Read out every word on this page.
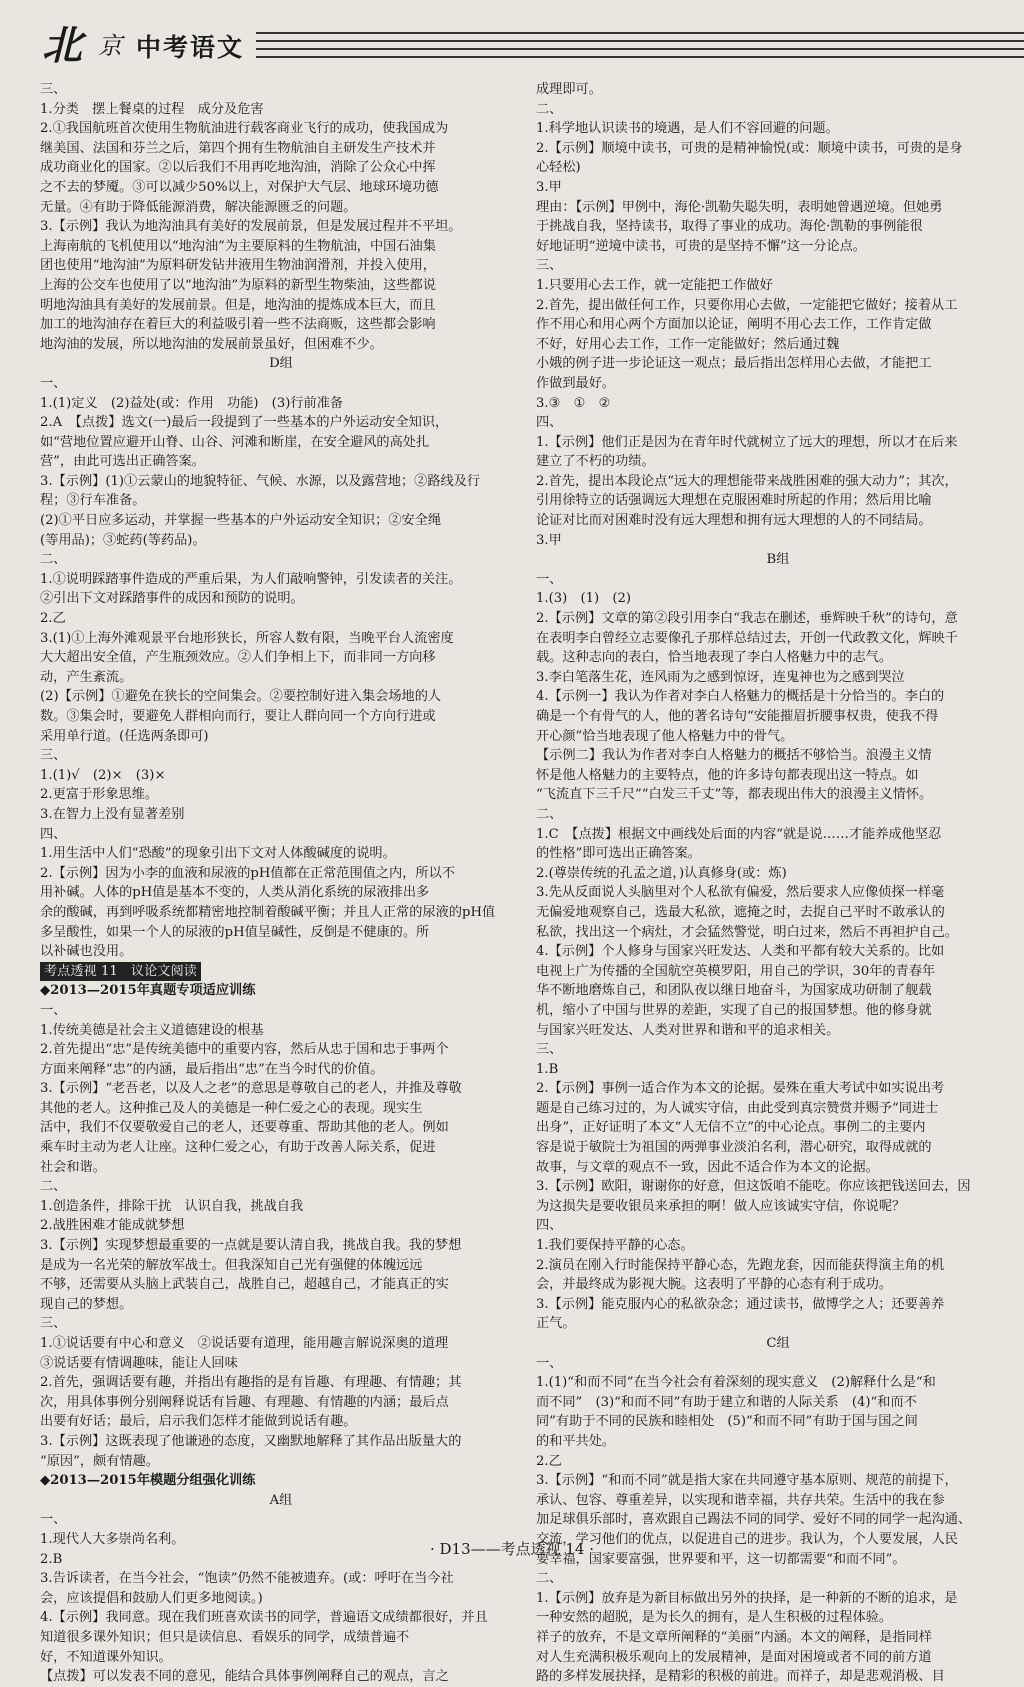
北 京 中考语文
三、
1.分类　摆上餐桌的过程　成分及危害
2.①我国航班首次使用生物航油进行载客商业飞行的成功，使我国成为
继美国、法国和芬兰之后，第四个拥有生物航油自主研发生产技术并
成功商业化的国家。②以后我们不用再吃地沟油，消除了公众心中挥
之不去的梦魇。③可以减少50%以上，对保护大气层、地球环境功德
无量。④有助于降低能源消费，解决能源匮乏的问题。
3.【示例】我认为地沟油具有美好的发展前景，但是发展过程并不平坦。
上海南航的飞机使用以“地沟油”为主要原料的生物航油，中国石油集
团也使用“地沟油”为原料研发钻井液用生物油润滑剂，并投入使用，
上海的公交车也使用了以“地沟油”为原料的新型生物柴油，这些都说
明地沟油具有美好的发展前景。但是，地沟油的提炼成本巨大，而且
加工的地沟油存在着巨大的利益吸引着一些不法商贩，这些都会影响
地沟油的发展，所以地沟油的发展前景虽好，但困难不少。
D组
一、
1.(1)定义　(2)益处(或：作用　功能)　(3)行前准备
2.A　【点拨】选文(一)最后一段提到了一些基本的户外运动安全知识，
如“营地位置应避开山脊、山谷、河滩和断崖，在安全避风的高处扎
营”，由此可选出正确答案。
3.【示例】(1)①云蒙山的地貌特征、气候、水源，以及露营地；②路线及行
程；③行车准备。
(2)①平日应多运动，并掌握一些基本的户外运动安全知识；②安全绳
(等用品)；③蛇药(等药品)。
二、
1.①说明踩踏事件造成的严重后果，为人们敲响警钟，引发读者的关注。
②引出下文对踩踏事件的成因和预防的说明。
2.乙
3.(1)①上海外滩观景平台地形狭长，所容人数有限，当晚平台人流密度
大大超出安全值，产生瓶颈效应。②人们争相上下，而非同一方向移
动，产生紊流。
(2)【示例】①避免在狭长的空间集会。②要控制好进入集会场地的人
数。③集会时，要避免人群相向而行，要让人群向同一个方向行进或
采用单行道。(任选两条即可)
三、
1.(1)√　(2)×　(3)×
2.更富于形象思维。
3.在智力上没有显著差别
四、
1.用生活中人们“恐酸”的现象引出下文对人体酸碱度的说明。
2.【示例】因为小李的血液和尿液的pH值都在正常范围值之内，所以不
用补碱。人体的pH值是基本不变的，人类从消化系统的尿液排出多
余的酸碱，再到呼吸系统都精密地控制着酸碱平衡；并且人正常的尿液的pH值
多呈酸性，如果一个人的尿液的pH值呈碱性，反倒是不健康的。所
以补碱也没用。
考点透视 11　议论文阅读
◆2013—2015年真题专项适应训练
一、
1.传统美德是社会主义道德建设的根基
2.首先提出“忠”是传统美德中的重要内容，然后从忠于国和忠于事两个
方面来阐释“忠”的内涵，最后指出“忠”在当今时代的价值。
3.【示例】“老吾老，以及人之老”的意思是尊敬自己的老人，并推及尊敬
其他的老人。这种推己及人的美德是一种仁爱之心的表现。现实生
活中，我们不仅要敬爱自己的老人，还要尊重、帮助其他的老人。例如
乘车时主动为老人让座。这种仁爱之心，有助于改善人际关系，促进
社会和谐。
二、
1.创造条件，排除干扰　认识自我，挑战自我
2.战胜困难才能成就梦想
3.【示例】实现梦想最重要的一点就是要认清自我，挑战自我。我的梦想
是成为一名光荣的解放军战士。但我深知自己光有强健的体魄远远
不够，还需要从头脑上武装自己，战胜自己，超越自己，才能真正的实
现自己的梦想。
三、
1.①说话要有中心和意义　②说话要有道理，能用趣言解说深奥的道理
③说话要有情调趣味，能让人回味
2.首先，强调话要有趣，并指出有趣指的是有旨趣、有理趣、有情趣；其
次，用具体事例分别阐释说话有旨趣、有理趣、有情趣的内涵；最后点
出要有好话；最后，启示我们怎样才能做到说话有趣。
3.【示例】这既表现了他谦逊的态度，又幽默地解释了其作品出版量大的
“原因”，颇有情趣。
◆2013—2015年模题分组强化训练
A组
一、
1.现代人大多崇尚名利。
2.B
3.告诉读者，在当今社会，“饱读”仍然不能被遗弃。(或：呼吁在当今社
会，应该提倡和鼓励人们更多地阅读。)
4.【示例】我同意。现在我们班喜欢读书的同学，普遍语文成绩都很好，并且
知道很多课外知识；但只是读信息、看娱乐的同学，成绩普遍不
好，不知道课外知识。
【点拨】可以发表不同的意见，能结合具体事例阐释自己的观点，言之
成理即可。
二、
1.科学地认识读书的境遇，是人们不容回避的问题。
2.【示例】顺境中读书，可贵的是精神愉悦(或：顺境中读书，可贵的是身
心轻松)
3.甲
理由：【示例】甲例中，海伦·凯勒失聪失明，表明她曾遇逆境。但她勇
于挑战自我，坚持读书，取得了事业的成功。海伦·凯勒的事例能很
好地证明“逆境中读书，可贵的是坚持不懈”这一分论点。
三、
1.只要用心去工作，就一定能把工作做好
2.首先，提出做任何工作，只要你用心去做，一定能把它做好；接着从工
作不用心和用心两个方面加以论证，阐明不用心去工作，工作肯定做
不好，好用心去工作，工作一定能做好；然后通过魏
小娥的例子进一步论证这一观点；最后指出怎样用心去做，才能把工
作做到最好。
3.③　①　②
四、
1.【示例】他们正是因为在青年时代就树立了远大的理想，所以才在后来
建立了不朽的功绩。
2.首先，提出本段论点“远大的理想能带来战胜困难的强大动力”；其次，
引用徐特立的话强调远大理想在克服困难时所起的作用；然后用比喻
论证对比而对困难时没有远大理想和拥有远大理想的人的不同结局。
3.甲
B组
一、
1.(3)　(1)　(2)
2.【示例】文章的第②段引用李白“我志在删述，垂辉映千秋”的诗句，意
在表明李白曾经立志要像孔子那样总结过去，开创一代政教文化，辉映千
载。这种志向的表白，恰当地表现了李白人格魅力中的志气。
3.李白笔落生花，连风雨为之感到惊讶，连鬼神也为之感到哭泣
4.【示例一】我认为作者对李白人格魅力的概括是十分恰当的。李白的
确是一个有骨气的人，他的著名诗句“安能摧眉折腰事权贵，使我不得
开心颜”恰当地表现了他人格魅力中的骨气。
【示例二】我认为作者对李白人格魅力的概括不够恰当。浪漫主义情
怀是他人格魅力的主要特点，他的许多诗句都表现出这一特点。如
“飞流直下三千尺”“白发三千丈”等，都表现出伟大的浪漫主义情怀。
二、
1.C　【点拨】根据文中画线处后面的内容“就是说……才能养成他坚忍
的性格”即可选出正确答案。
2.(尊崇传统的孔孟之道，)认真修身(或：炼)
3.先从反面说人头脑里对个人私欲有偏爱，然后要求人应像侦探一样毫
无偏爱地观察自己，选最大私欲，遮掩之时，去捉自己平时不敢承认的
私欲，找出这一个病灶，才会猛然警觉，明白过来，然后不再袒护自己。
4.【示例】个人修身与国家兴旺发达、人类和平都有较大关系的。比如
电视上广为传播的全国航空英模罗阳，用自己的学识，30年的青春年
华不断地磨炼自己，和团队夜以继日地奋斗，为国家成功研制了舰载
机，缩小了中国与世界的差距，实现了自己的报国梦想。他的修身就
与国家兴旺发达、人类对世界和谐和平的追求相关。
三、
1.B
2.【示例】事例一适合作为本文的论据。晏殊在重大考试中如实说出考
题是自己练习过的，为人诚实守信，由此受到真宗赞赏并赐予“同进士
出身”，正好证明了本文“人无信不立”的中心论点。事例二的主要内
容是说于敏院士为祖国的两弹事业淡泊名利，潜心研究，取得成就的
故事，与文章的观点不一致，因此不适合作为本文的论据。
3.【示例】欧阳，谢谢你的好意，但这饭咱不能吃。你应该把钱送回去，因
为这损失是要收银员来承担的啊！做人应该诚实守信，你说呢？
四、
1.我们要保持平静的心态。
2.演员在刚入行时能保持平静心态，先跑龙套，因而能获得演主角的机
会，并最终成为影视大腕。这表明了平静的心态有利于成功。
3.【示例】能克服内心的私欲杂念；通过读书，做博学之人；还要善养
正气。
C组
一、
1.(1)“和而不同”在当今社会有着深刻的现实意义　(2)解释什么是“和
而不同”　(3)“和而不同”有助于建立和谐的人际关系　(4)“和而不
同”有助于不同的民族和睦相处　(5)“和而不同”有助于国与国之间
的和平共处。
2.乙
3.【示例】“和而不同”就是指大家在共同遵守基本原则、规范的前提下，
承认、包容、尊重差异，以实现和谐幸福，共存共荣。生活中的我在参
加足球俱乐部时，喜欢跟自己踢法不同的同学、爱好不同的同学一起沟通、
交流，学习他们的优点，以促进自己的进步。我认为，个人要发展，人民
要幸福，国家要富强，世界要和平，这一切都需要“和而不同”。
二、
1.【示例】放弃是为新目标做出另外的抉择，是一种新的不断的追求，是
一种安然的超脱，是为长久的拥有，是人生积极的过程体验。
祥子的放弃，不是文章所阐释的“美丽”内涵。本文的阐释，是指同样
对人生充满积极乐观向上的发展精神，是面对困境或者不同的前方道
路的多样发展抉择，是精彩的积极的前进。而祥子，却是悲观消极、目
· D13——考点透视 14 ·
